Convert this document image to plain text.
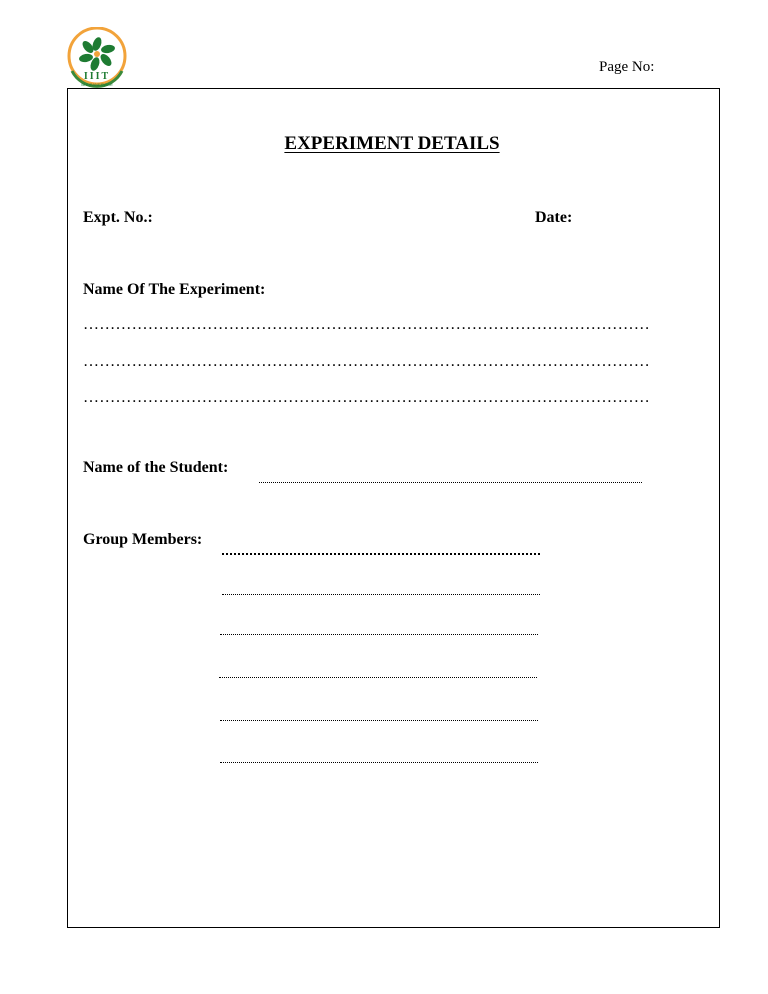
IIIT
BHUBANESWAR
Page No:
EXPERIMENT DETAILS
Expt. No.:	Date:
Name Of The Experiment:
……………………………………………………………………………………………
……………………………………………………………………………………………
……………………………………………………………………………………………
Name of the Student:
Group Members:
